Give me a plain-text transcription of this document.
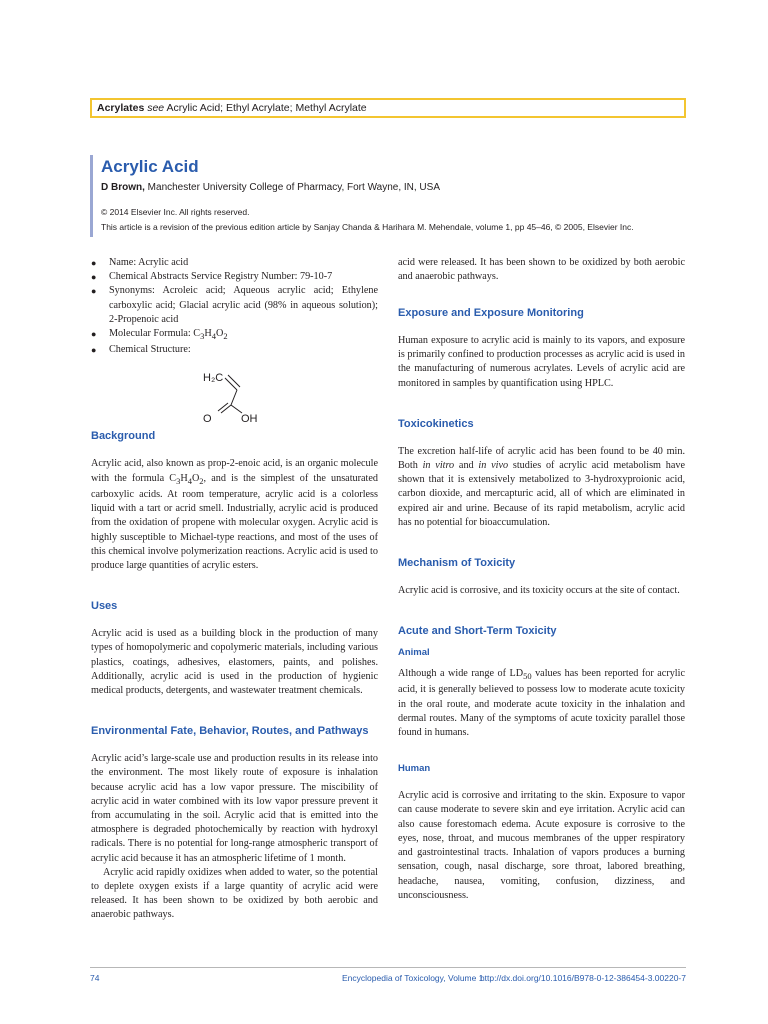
Acrylates see Acrylic Acid; Ethyl Acrylate; Methyl Acrylate
Acrylic Acid
D Brown, Manchester University College of Pharmacy, Fort Wayne, IN, USA
© 2014 Elsevier Inc. All rights reserved.
This article is a revision of the previous edition article by Sanjay Chanda & Harihara M. Mehendale, volume 1, pp 45–46, © 2005, Elsevier Inc.
● Name: Acrylic acid
● Chemical Abstracts Service Registry Number: 79-10-7
● Synonyms: Acroleic acid; Aqueous acrylic acid; Ethylene carboxylic acid; Glacial acrylic acid (98% in aqueous solution); 2-Propenoic acid
● Molecular Formula: $C_3H_4O_2$
● Chemical Structure:
H₂C
O	OH
Background

Acrylic acid, also known as prop-2-enoic acid, is an organic molecule with the formula $C_3H_4O_2$, and is the simplest of the unsaturated carboxylic acids. At room temperature, acrylic acid is a colorless liquid with a tart or acrid smell. Industrially, acrylic acid is produced from the oxidation of propene with molecular oxygen. Acrylic acid is highly susceptible to Michael-type reactions, and most of the uses of this chemical involve polymerization reactions. Acrylic acid is used to produce large quantities of acrylic esters.

Uses

Acrylic acid is used as a building block in the production of many types of homopolymeric and copolymeric materials, including various plastics, coatings, adhesives, elastomers, paints, and polishes. Additionally, acrylic acid is used in the production of hygienic medical products, detergents, and wastewater treatment chemicals.

Environmental Fate, Behavior, Routes, and Pathways

Acrylic acid’s large-scale use and production results in its release into the environment. The most likely route of exposure is inhalation because acrylic acid has a low vapor pressure. The miscibility of acrylic acid in water combined with its low vapor pressure prevent it from accumulating in the soil. Acrylic acid that is emitted into the atmosphere is degraded photochemically by reaction with hydroxyl radicals. There is no potential for long-range atmospheric transport of acrylic acid because it has an atmospheric lifetime of 1 month.

Acrylic acid rapidly oxidizes when added to water, so the potential to deplete oxygen exists if a large quantity of acrylic acid were released. It has been shown to be oxidized by both aerobic and anaerobic pathways.

acid were released. It has been shown to be oxidized by both aerobic and anaerobic pathways.

Exposure and Exposure Monitoring

Human exposure to acrylic acid is mainly to its vapors, and exposure is primarily confined to production processes as acrylic acid is used in the manufacturing of numerous acrylates. Levels of acrylic acid are monitored in samples by quantification using HPLC.

Toxicokinetics

The excretion half-life of acrylic acid has been found to be 40 min. Both in vitro and in vivo studies of acrylic acid metabolism have shown that it is extensively metabolized to 3-hydroxyproionic acid, carbon dioxide, and mercapturic acid, all of which are eliminated in expired air and urine. Because of its rapid metabolism, acrylic acid has no potential for bioaccumulation.

Mechanism of Toxicity

Acrylic acid is corrosive, and its toxicity occurs at the site of contact.

Acute and Short-Term Toxicity
Animal

Although a wide range of $LD_{50}$ values has been reported for acrylic acid, it is generally believed to possess low to moderate acute toxicity in the oral route, and moderate acute toxicity in the inhalation and dermal routes. Many of the symptoms of acute toxicity parallel those found in humans.

Human

Acrylic acid is corrosive and irritating to the skin. Exposure to vapor can cause moderate to severe skin and eye irritation. Acrylic acid can also cause forestomach edema. Acute exposure is corrosive to the eyes, nose, throat, and mucous membranes of the upper respiratory and gastrointestinal tracts. Inhalation of vapors produces a burning sensation, cough, nasal discharge, sore throat, labored breathing, headache, nausea, vomiting, confusion, dizziness, and unconsciousness.

74	Encyclopedia of Toxicology, Volume 1
http://dx.doi.org/10.1016/B978-0-12-386454-3.00220-7
